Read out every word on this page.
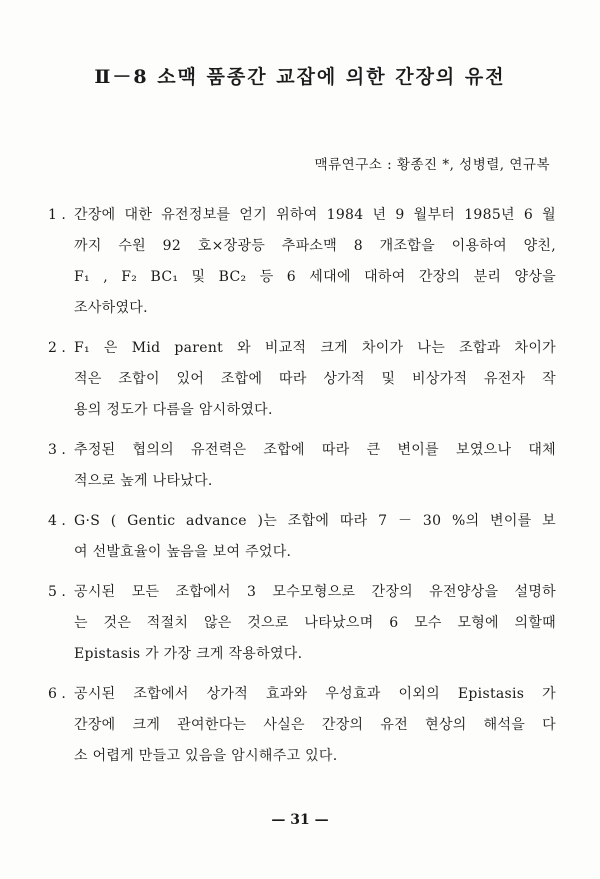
Ⅱ－8 소맥 품종간 교잡에 의한 간장의 유전
맥류연구소 : 황종진 *, 성병렬, 연규복
1 . 간장에 대한 유전정보를 얻기 위하여 1984 년 9 월부터 1985년 6 월
까지 수원 92 호×장광등 추파소맥 8 개조합을 이용하여 양친,
F₁ , F₂ BC₁ 및 BC₂ 등 6 세대에 대하여 간장의 분리 양상을
조사하였다.
2 . F₁ 은 Mid parent 와 비교적 크게 차이가 나는 조합과 차이가
적은 조합이 있어 조합에 따라 상가적 및 비상가적 유전자 작
용의 정도가 다름을 암시하였다.
3 . 추정된 협의의 유전력은 조합에 따라 큰 변이를 보였으나 대체
적으로 높게 나타났다.
4 . G·S ( Gentic advance )는 조합에 따라 7 － 30 %의 변이를 보
여 선발효율이 높음을 보여 주었다.
5 . 공시된 모든 조합에서 3 모수모형으로 간장의 유전양상을 설명하
는 것은 적절치 않은 것으로 나타났으며 6 모수 모형에 의할때
Epistasis 가 가장 크게 작용하였다.
6 . 공시된 조합에서 상가적 효과와 우성효과 이외의 Epistasis 가
간장에 크게 관여한다는 사실은 간장의 유전 현상의 해석을 다
소 어렵게 만들고 있음을 암시해주고 있다.
— 31 —
